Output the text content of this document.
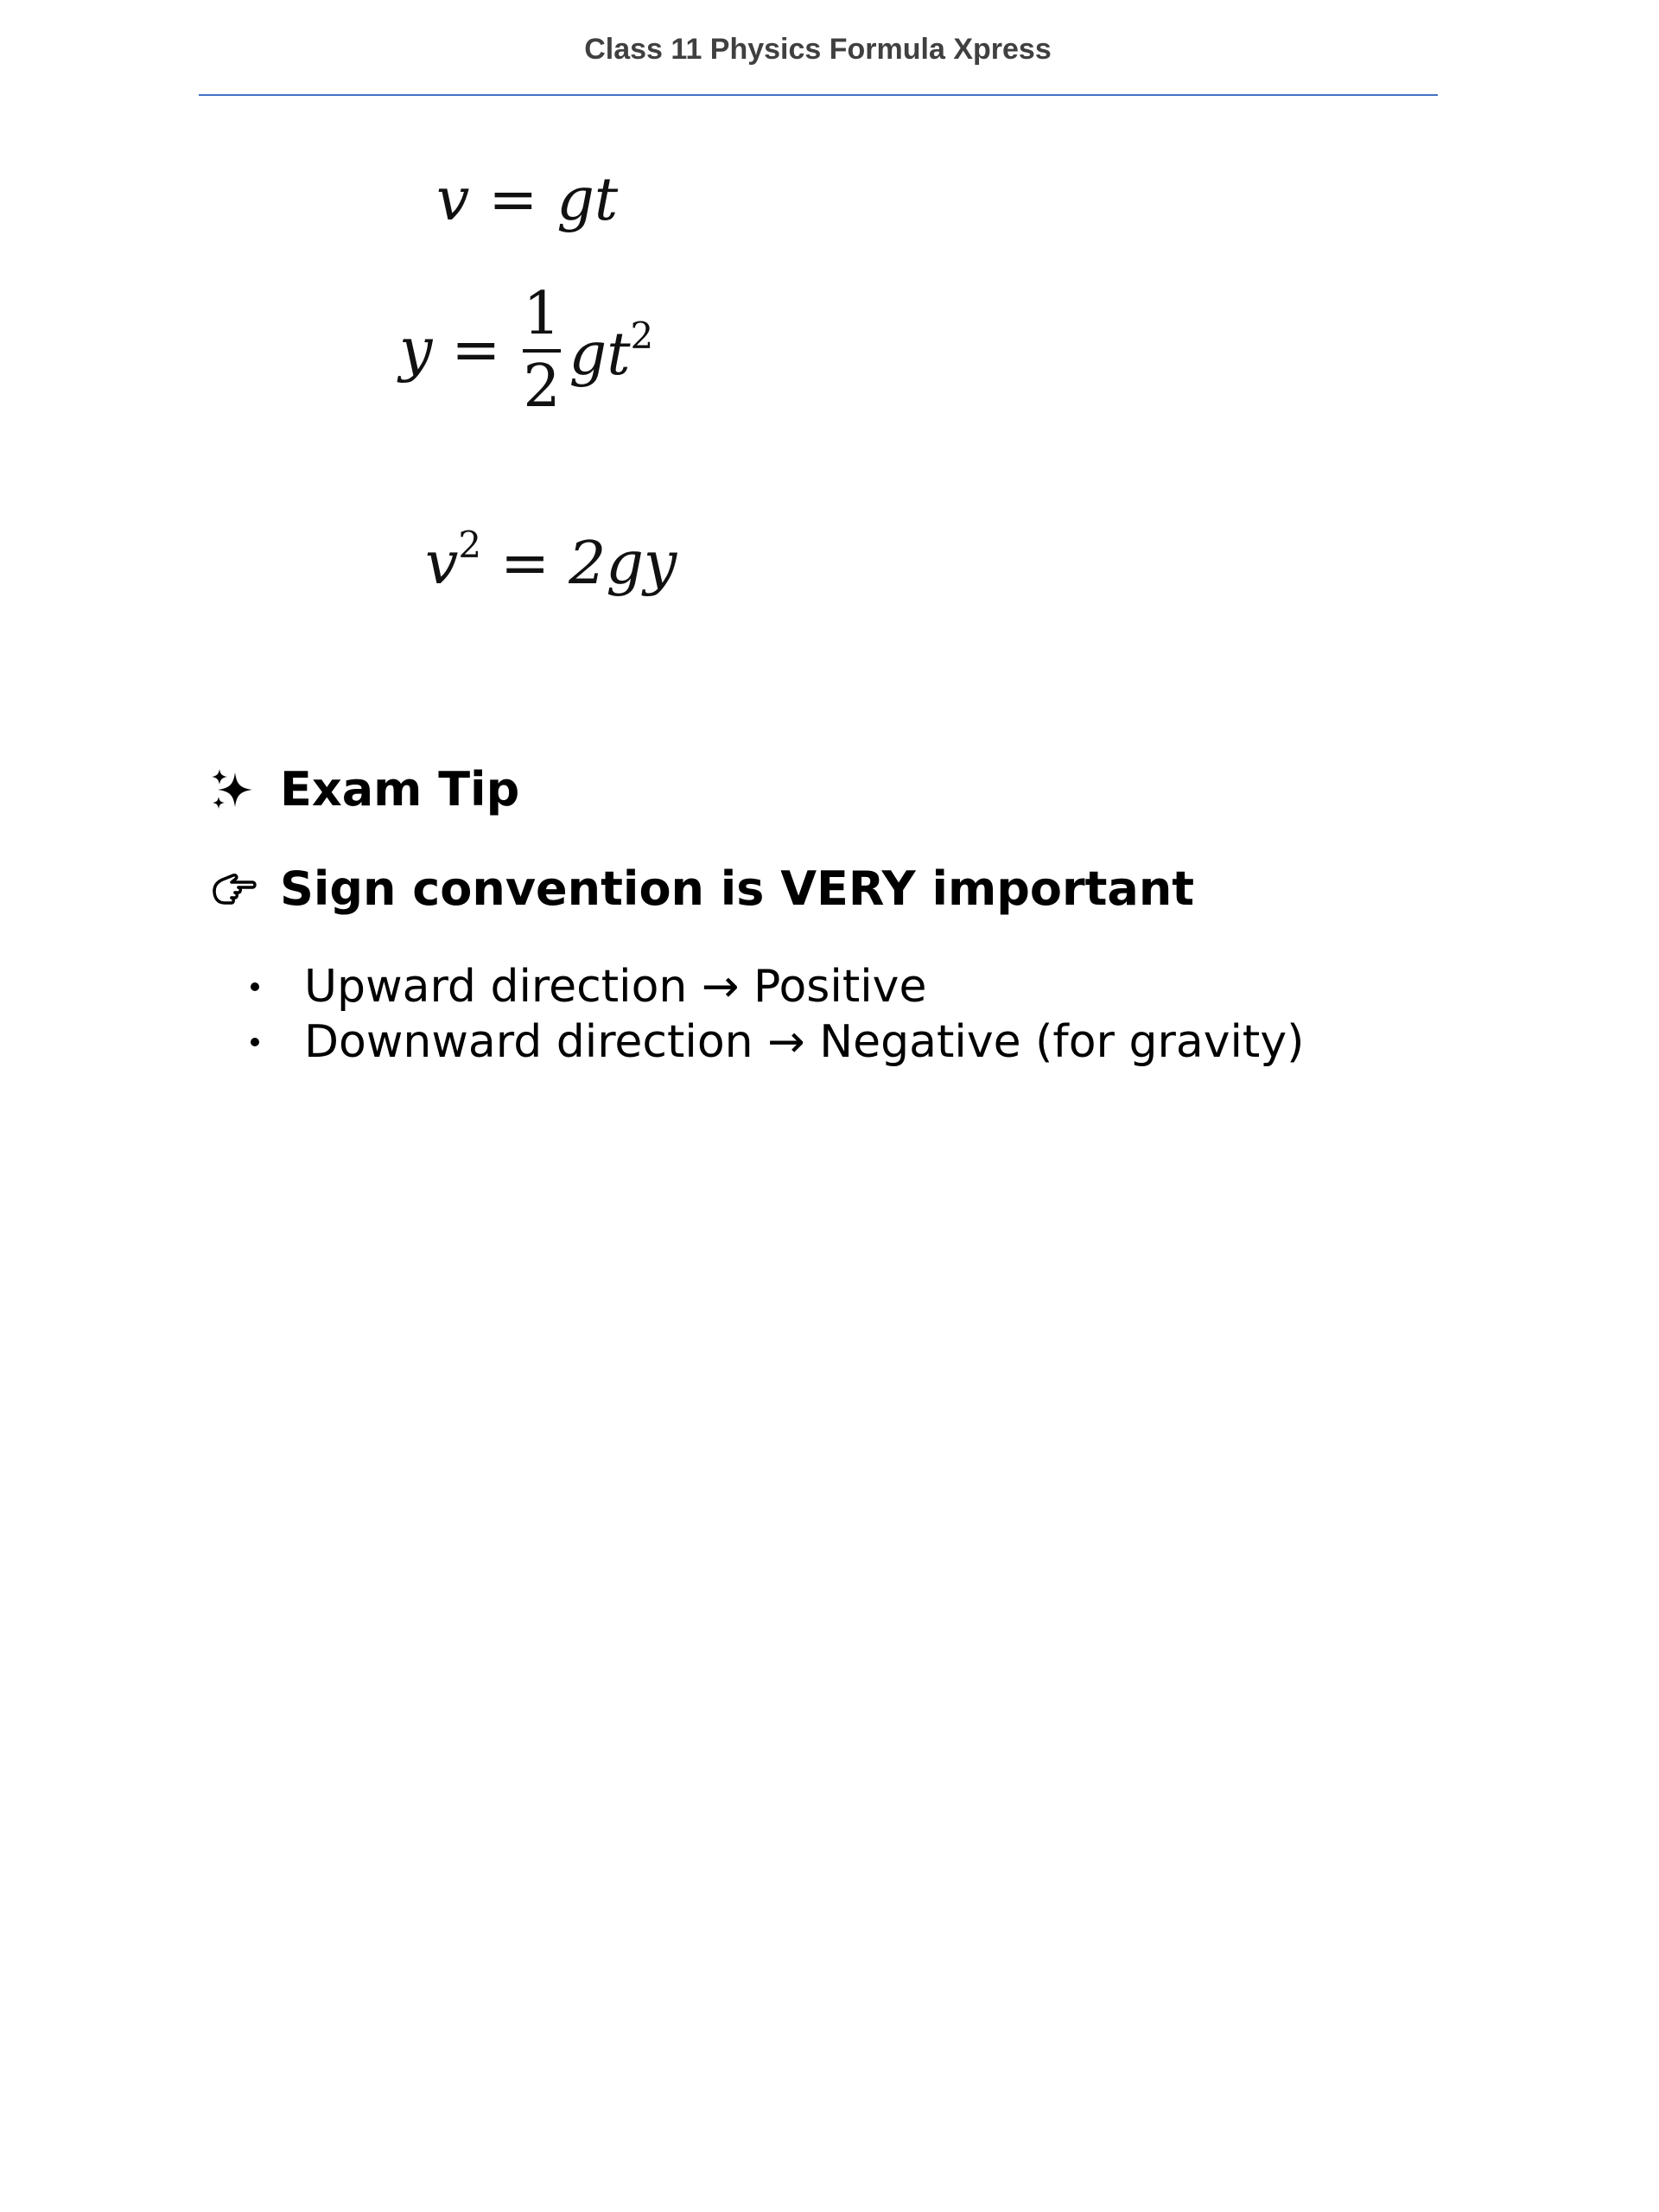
Class 11 Physics Formula Xpress
v = gt
$y = \frac{1}{2} gt^2$
$v^2 = 2gy$
Exam Tip
Sign convention is VERY important
Upward direction → Positive
Downward direction → Negative (for gravity)
